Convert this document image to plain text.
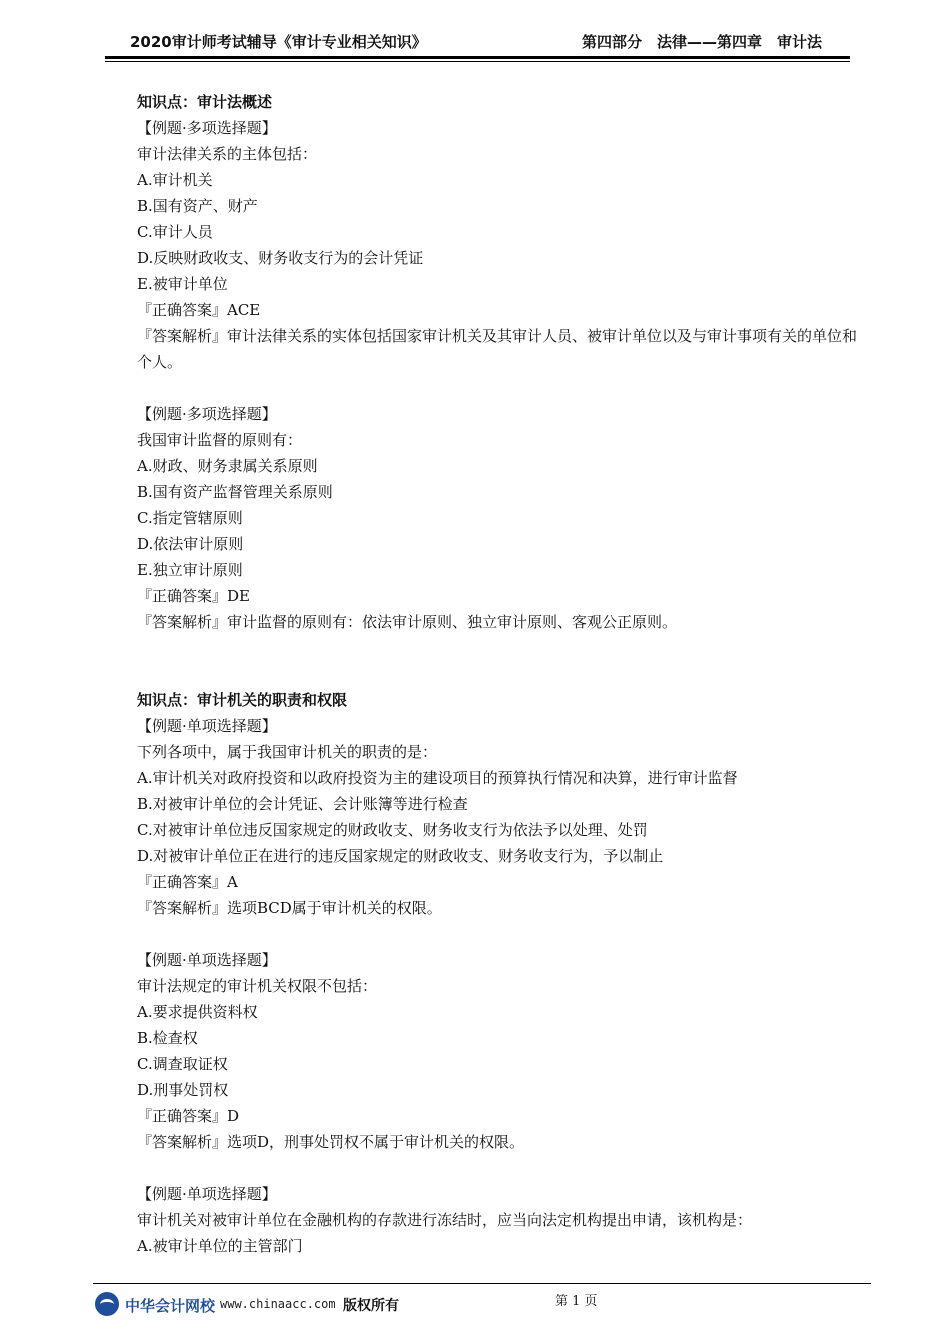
2020审计师考试辅导《审计专业相关知识》	第四部分　法律——第四章　审计法
知识点：审计法概述
【例题·多项选择题】
审计法律关系的主体包括：
A.审计机关
B.国有资产、财产
C.审计人员
D.反映财政收支、财务收支行为的会计凭证
E.被审计单位
『正确答案』ACE
『答案解析』审计法律关系的实体包括国家审计机关及其审计人员、被审计单位以及与审计事项有关的单位和个人。
【例题·多项选择题】
我国审计监督的原则有：
A.财政、财务隶属关系原则
B.国有资产监督管理关系原则
C.指定管辖原则
D.依法审计原则
E.独立审计原则
『正确答案』DE
『答案解析』审计监督的原则有：依法审计原则、独立审计原则、客观公正原则。
知识点：审计机关的职责和权限
【例题·单项选择题】
下列各项中，属于我国审计机关的职责的是：
A.审计机关对政府投资和以政府投资为主的建设项目的预算执行情况和决算，进行审计监督
B.对被审计单位的会计凭证、会计账簿等进行检查
C.对被审计单位违反国家规定的财政收支、财务收支行为依法予以处理、处罚
D.对被审计单位正在进行的违反国家规定的财政收支、财务收支行为，予以制止
『正确答案』A
『答案解析』选项BCD属于审计机关的权限。
【例题·单项选择题】
审计法规定的审计机关权限不包括：
A.要求提供资料权
B.检查权
C.调查取证权
D.刑事处罚权
『正确答案』D
『答案解析』选项D，刑事处罚权不属于审计机关的权限。
【例题·单项选择题】
审计机关对被审计单位在金融机构的存款进行冻结时，应当向法定机构提出申请，该机构是：
A.被审计单位的主管部门
中华会计网校 www.chinaacc.com 版权所有	第 1 页
